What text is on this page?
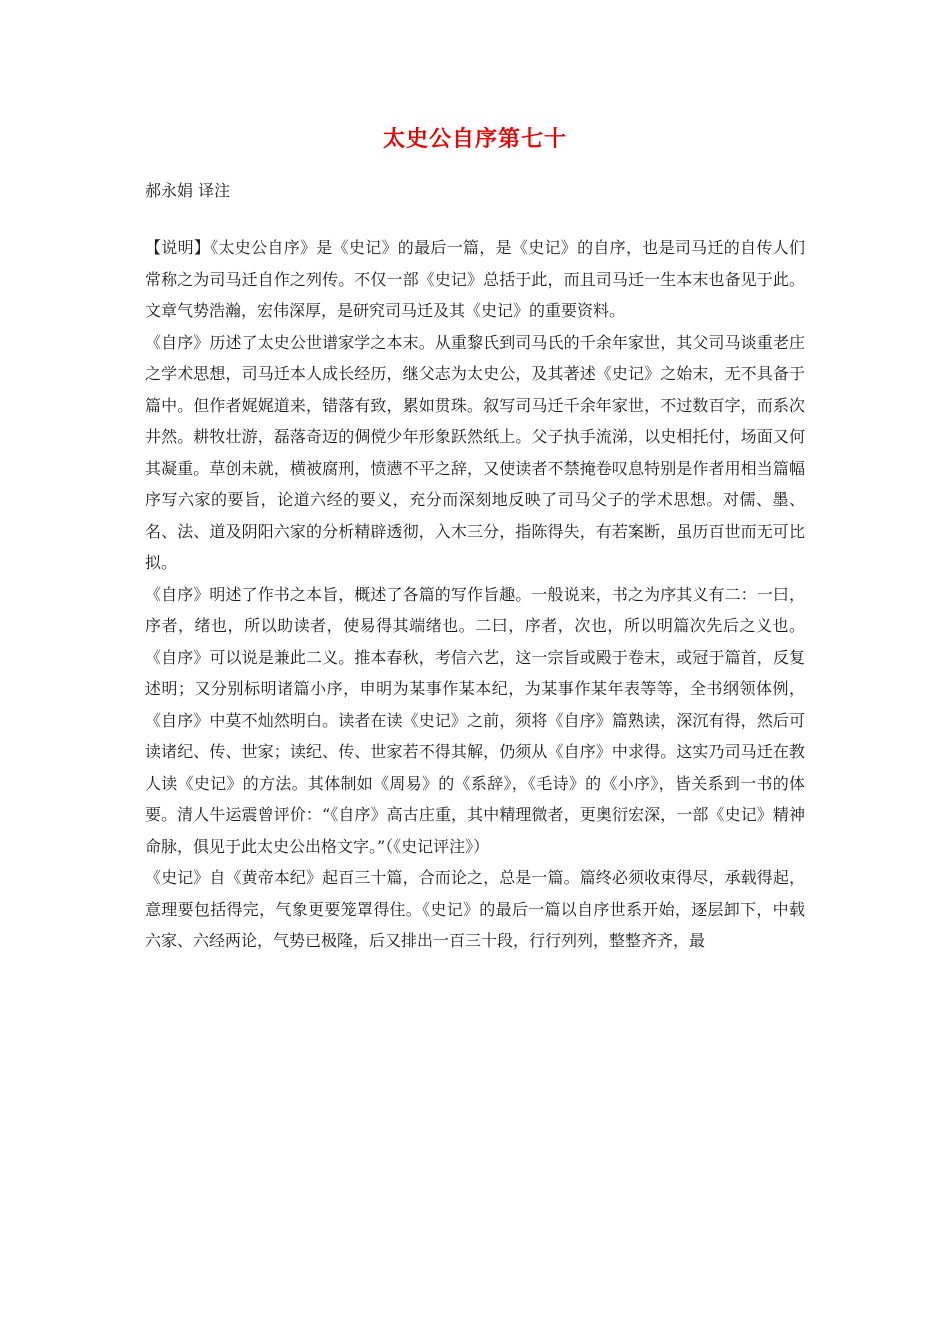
太史公自序第七十
郝永娟 译注

【说明】《太史公自序》是《史记》的最后一篇，是《史记》的自序，也是司马迁的自传人们常称之为司马迁自作之列传。不仅一部《史记》总括于此，而且司马迁一生本末也备见于此。文章气势浩瀚，宏伟深厚，是研究司马迁及其《史记》的重要资料。

《自序》历述了太史公世谱家学之本末。从重黎氏到司马氏的千余年家世，其父司马谈重老庄之学术思想，司马迁本人成长经历，继父志为太史公，及其著述《史记》之始末，无不具备于篇中。但作者娓娓道来，错落有致，累如贯珠。叙写司马迁千余年家世，不过数百字，而系次井然。耕牧壮游，磊落奇迈的倜傥少年形象跃然纸上。父子执手流涕，以史相托付，场面又何其凝重。草创未就，横被腐刑，愤懑不平之辞，又使读者不禁掩卷叹息特别是作者用相当篇幅序写六家的要旨，论道六经的要义，充分而深刻地反映了司马父子的学术思想。对儒、墨、名、法、道及阴阳六家的分析精辟透彻，入木三分，指陈得失，有若案断，虽历百世而无可比拟。

《自序》明述了作书之本旨，概述了各篇的写作旨趣。一般说来，书之为序其义有二：一曰，序者，绪也，所以助读者，使易得其端绪也。二曰，序者，次也，所以明篇次先后之义也。《自序》可以说是兼此二义。推本春秋，考信六艺，这一宗旨或殿于卷末，或冠于篇首，反复述明；又分别标明诸篇小序，申明为某事作某本纪，为某事作某年表等等，全书纲领体例，《自序》中莫不灿然明白。读者在读《史记》之前，须将《自序》篇熟读，深沉有得，然后可读诸纪、传、世家；读纪、传、世家若不得其解，仍须从《自序》中求得。这实乃司马迁在教人读《史记》的方法。其体制如《周易》的《系辞》，《毛诗》的《小序》，皆关系到一书的体要。清人牛运震曾评价：“《自序》高古庄重，其中精理微者，更奥衍宏深，一部《史记》精神命脉，俱见于此太史公出格文字。”（《史记评注》）

《史记》自《黄帝本纪》起百三十篇，合而论之，总是一篇。篇终必须收束得尽，承载得起，意理要包括得完，气象更要笼罩得住。《史记》的最后一篇以自序世系开始，逐层卸下，中载六家、六经两论，气势已极隆，后又排出一百三十段，行行列列，整整齐齐，最
